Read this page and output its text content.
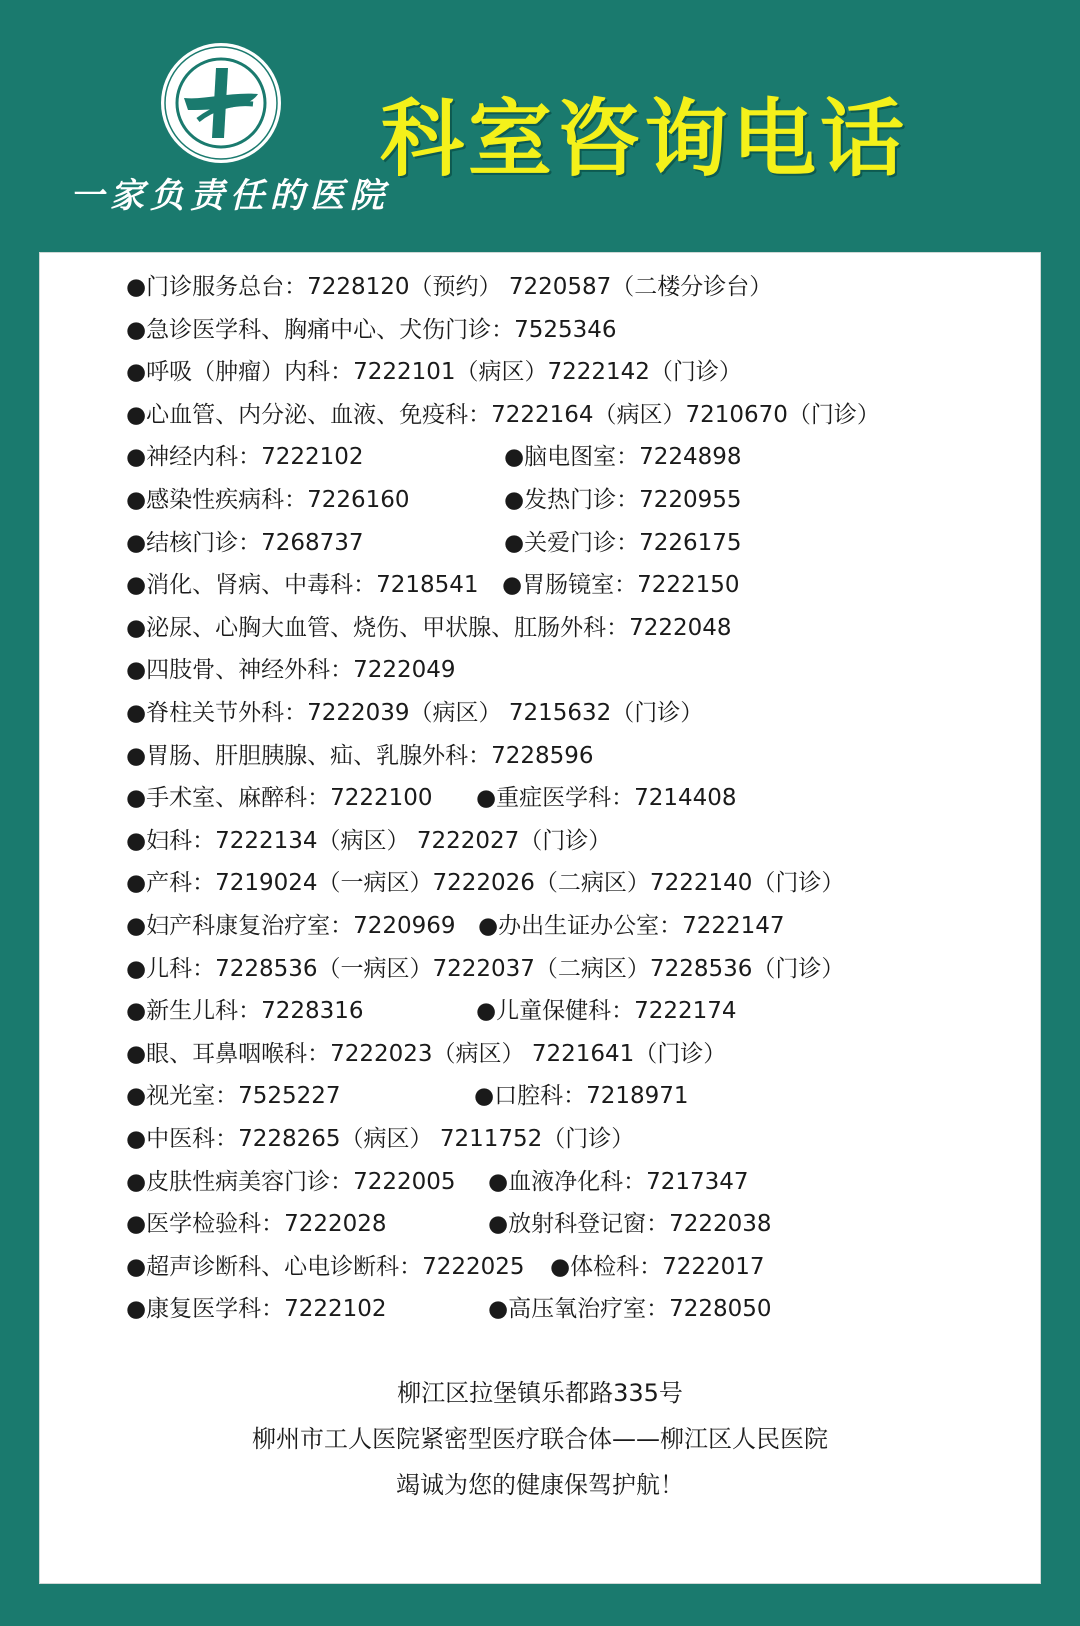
一家负责任的医院
科室咨询电话
●门诊服务总台：7228120（预约） 7220587（二楼分诊台）
●急诊医学科、胸痛中心、犬伤门诊：7525346
●呼吸（肿瘤）内科：7222101（病区）7222142（门诊）
●心血管、内分泌、血液、免疫科：7222164（病区）7210670（门诊）
●神经内科：7222102	●脑电图室：7224898
●感染性疾病科：7226160	●发热门诊：7220955
●结核门诊：7268737	●关爱门诊：7226175
●消化、肾病、中毒科：7218541 ●胃肠镜室：7222150
●泌尿、心胸大血管、烧伤、甲状腺、肛肠外科：7222048
●四肢骨、神经外科：7222049
●脊柱关节外科：7222039（病区） 7215632（门诊）
●胃肠、肝胆胰腺、疝、乳腺外科：7228596
●手术室、麻醉科：7222100 ●重症医学科：7214408
●妇科：7222134（病区） 7222027（门诊）
●产科：7219024（一病区）7222026（二病区）7222140（门诊）
●妇产科康复治疗室：7220969 ●办出生证办公室：7222147
●儿科：7228536（一病区）7222037（二病区）7228536（门诊）
●新生儿科：7228316	●儿童保健科：7222174
●眼、耳鼻咽喉科：7222023（病区） 7221641（门诊）
●视光室：7525227	●口腔科：7218971
●中医科：7228265（病区） 7211752（门诊）
●皮肤性病美容门诊：7222005 ●血液净化科：7217347
●医学检验科：7222028	●放射科登记窗：7222038
●超声诊断科、心电诊断科：7222025 ●体检科：7222017
●康复医学科：7222102	●高压氧治疗室：7228050
柳江区拉堡镇乐都路335号
柳州市工人医院紧密型医疗联合体——柳江区人民医院
竭诚为您的健康保驾护航！
